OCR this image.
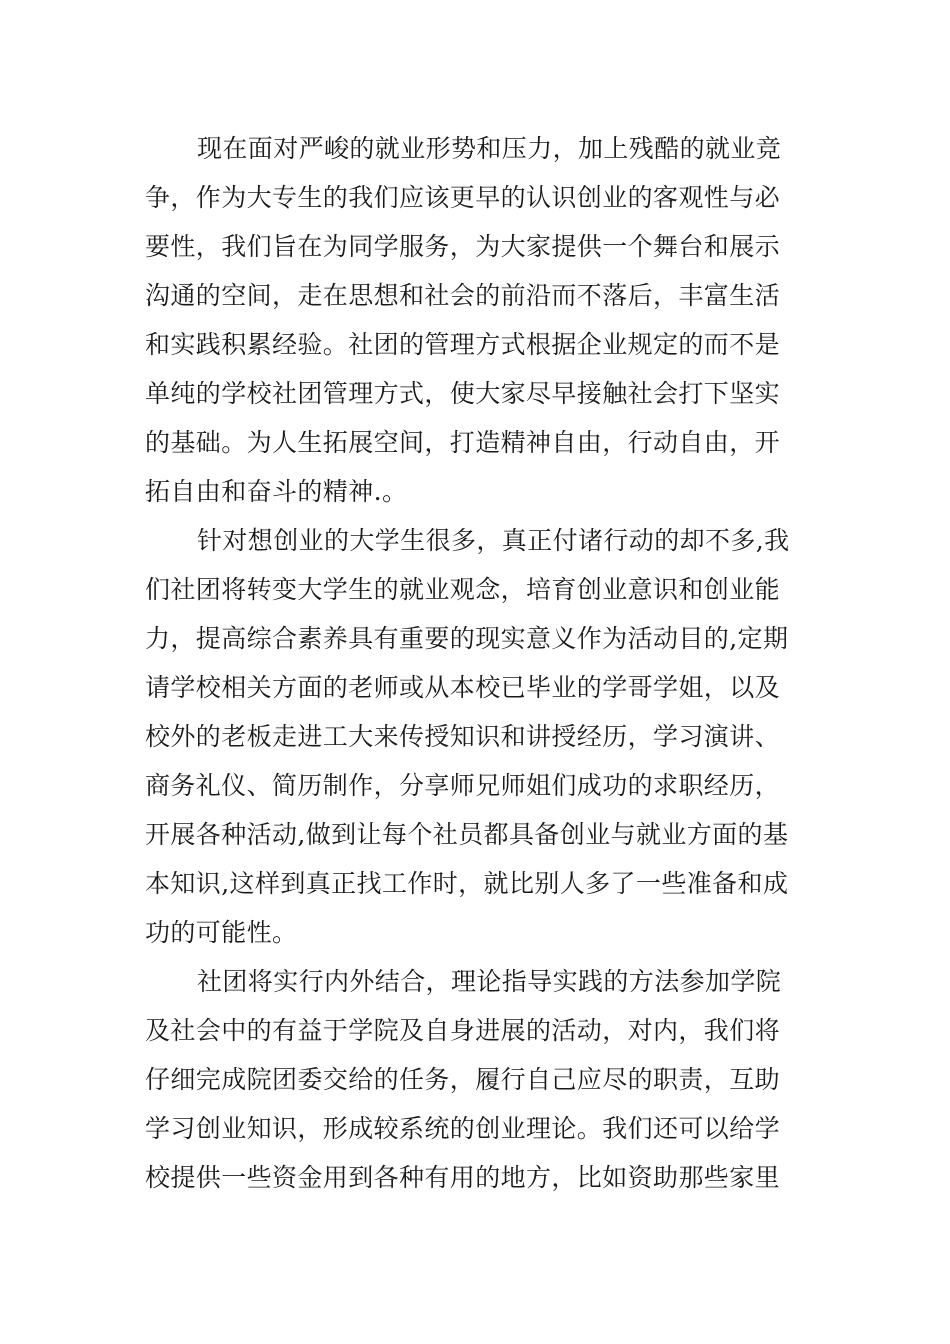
现在面对严峻的就业形势和压力，加上残酷的就业竞
争，作为大专生的我们应该更早的认识创业的客观性与必
要性，我们旨在为同学服务，为大家提供一个舞台和展示
沟通的空间，走在思想和社会的前沿而不落后，丰富生活
和实践积累经验。社团的管理方式根据企业规定的而不是
单纯的学校社团管理方式，使大家尽早接触社会打下坚实
的基础。为人生拓展空间，打造精神自由，行动自由，开
拓自由和奋斗的精神.。

针对想创业的大学生很多，真正付诸行动的却不多,我
们社团将转变大学生的就业观念，培育创业意识和创业能
力，提高综合素养具有重要的现实意义作为活动目的,定期
请学校相关方面的老师或从本校已毕业的学哥学姐，以及
校外的老板走进工大来传授知识和讲授经历，学习演讲、
商务礼仪、简历制作，分享师兄师姐们成功的求职经历，
开展各种活动,做到让每个社员都具备创业与就业方面的基
本知识,这样到真正找工作时，就比别人多了一些准备和成
功的可能性。

社团将实行内外结合，理论指导实践的方法参加学院
及社会中的有益于学院及自身进展的活动，对内，我们将
仔细完成院团委交给的任务，履行自己应尽的职责，互助
学习创业知识，形成较系统的创业理论。我们还可以给学
校提供一些资金用到各种有用的地方，比如资助那些家里
